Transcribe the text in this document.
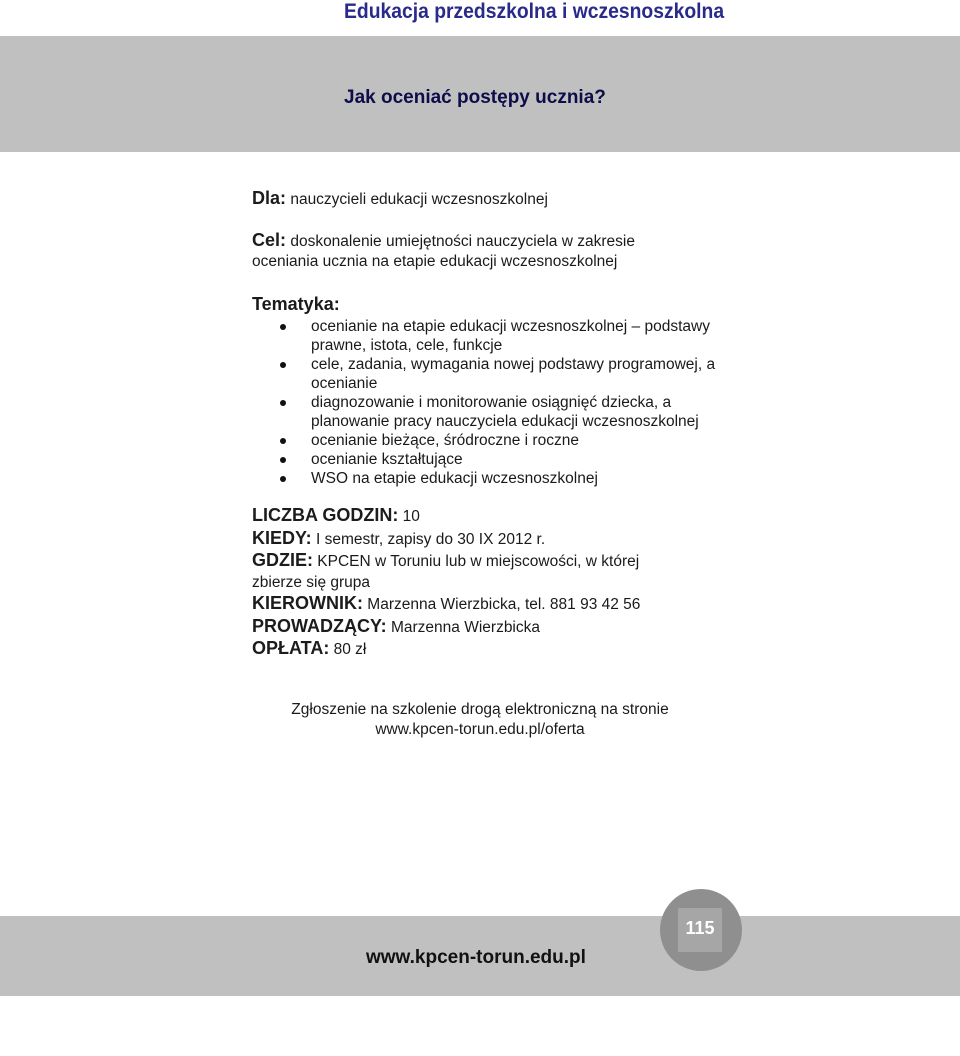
Edukacja przedszkolna i wczesnoszkolna
Jak oceniać postępy ucznia?
Dla: nauczycieli edukacji wczesnoszkolnej
Cel: doskonalenie umiejętności nauczyciela w zakresie
oceniania ucznia na etapie edukacji wczesnoszkolnej
Tematyka:
ocenianie na etapie edukacji wczesnoszkolnej – podstawy prawne, istota, cele, funkcje
cele, zadania, wymagania nowej podstawy programowej, a ocenianie
diagnozowanie i monitorowanie osiągnięć dziecka, a planowanie pracy nauczyciela edukacji wczesnoszkolnej
ocenianie bieżące, śródroczne i roczne
ocenianie kształtujące
WSO na etapie edukacji wczesnoszkolnej
LICZBA GODZIN: 10
KIEDY: I semestr, zapisy do 30 IX 2012 r.
GDZIE: KPCEN w Toruniu lub w miejscowości, w której
zbierze się grupa
KIEROWNIK: Marzenna Wierzbicka, tel. 881 93 42 56
PROWADZĄCY: Marzenna Wierzbicka
OPŁATA: 80 zł
Zgłoszenie na szkolenie drogą elektroniczną na stronie
www.kpcen-torun.edu.pl/oferta
www.kpcen-torun.edu.pl
115
